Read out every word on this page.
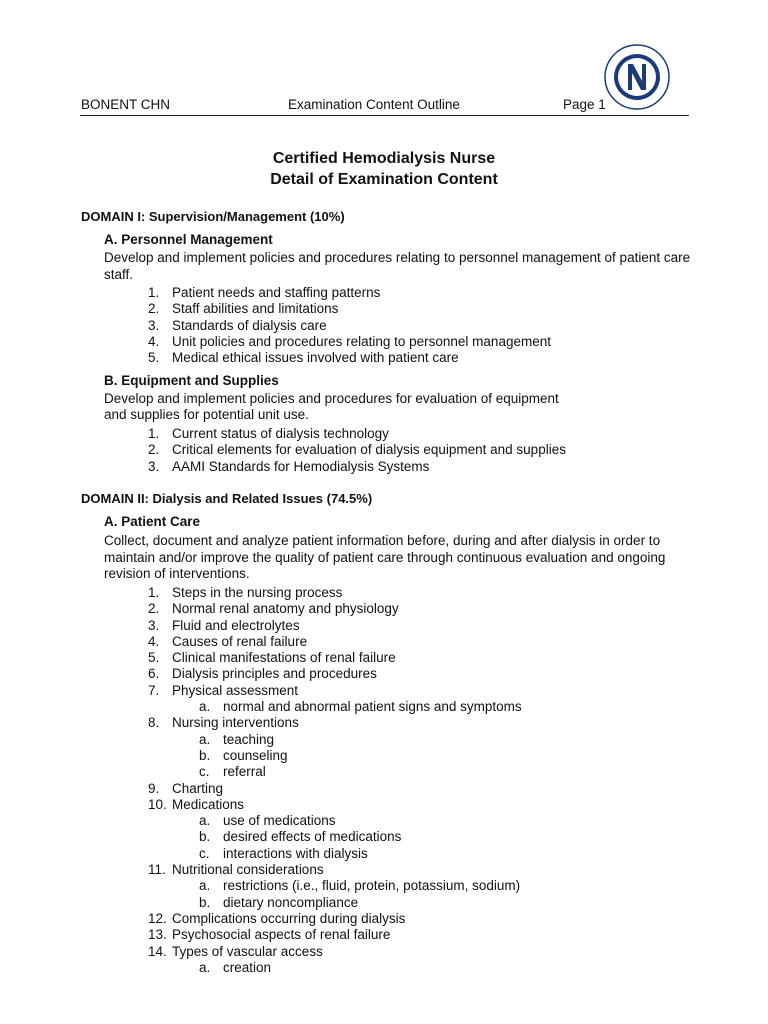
BONENT CHN	Examination Content Outline	Page 1
Certified Hemodialysis Nurse
Detail of Examination Content
DOMAIN I: Supervision/Management (10%)
A. Personnel Management
Develop and implement policies and procedures relating to personnel management of patient care staff.
1. Patient needs and staffing patterns
2. Staff abilities and limitations
3. Standards of dialysis care
4. Unit policies and procedures relating to personnel management
5. Medical ethical issues involved with patient care
B. Equipment and Supplies
Develop and implement policies and procedures for evaluation of equipment
and supplies for potential unit use.
1. Current status of dialysis technology
2. Critical elements for evaluation of dialysis equipment and supplies
3. AAMI Standards for Hemodialysis Systems
DOMAIN II: Dialysis and Related Issues (74.5%)
A. Patient Care
Collect, document and analyze patient information before, during and after dialysis in order to maintain and/or improve the quality of patient care through continuous evaluation and ongoing revision of interventions.
1. Steps in the nursing process
2. Normal renal anatomy and physiology
3. Fluid and electrolytes
4. Causes of renal failure
5. Clinical manifestations of renal failure
6. Dialysis principles and procedures
7. Physical assessment
a. normal and abnormal patient signs and symptoms
8. Nursing interventions
a. teaching
b. counseling
c. referral
9. Charting
10. Medications
a. use of medications
b. desired effects of medications
c. interactions with dialysis
11. Nutritional considerations
a. restrictions (i.e., fluid, protein, potassium, sodium)
b. dietary noncompliance
12. Complications occurring during dialysis
13. Psychosocial aspects of renal failure
14. Types of vascular access
a. creation
